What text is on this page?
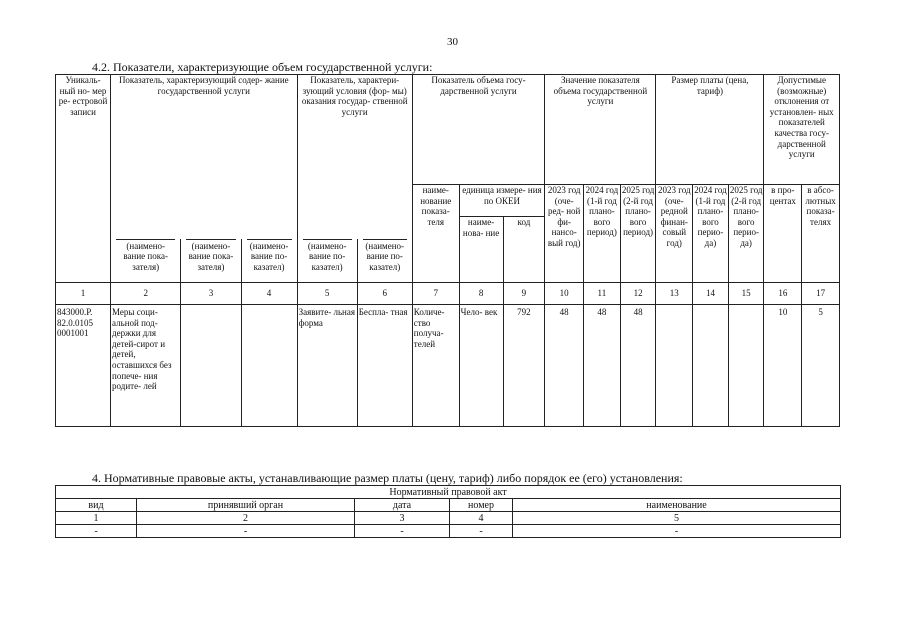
30
4.2. Показатели, характеризующие объем государственной услуги:
Уникаль- ный но- мер ре- естровой записи	Показатель, характеризующий содер- жание государственной услуги			Показатель, характери- зующий условия (фор- мы) оказания государ- ственной услуги		Показатель объема госу- дарственной услуги			Значение показателя объема государственной услуги			Размер платы (цена, тариф)			Допустимые (возможные) отклонения от установлен- ных показателей качества госу- дарственной услуги	
						наиме- нование показа- теля	единица измере- ния по ОКЕИ		2023 год (оче- ред- ной фи- нансо- вый год)	2024 год (1-й год плано- вого период)	2025 год (2-й год плано- вого период)	2023 год (оче- редной финан- совый год)	2024 год (1-й год плано- вого перио- да)	2025 год (2-й год плано- вого перио- да)	в про- центах	в абсо- лютных показа- телях
							наиме- нова- ние	код								

	(наимено- вание пока- зателя)	(наимено- вание пока- зателя)	(наимено- вание по- казател)	(наимено- вание по- казател)	(наимено- вание по- казател)											

1	2	3	4	5	6	7	8	9	10	11	12	13	14	15	16	17
843000.Р. 82.0.0105 0001001	Меры соци- альной под- держки для детей-сирот и детей, оставшихся без попече- ния родите- лей			Заявите- льная форма	Беспла- тная	Количе- ство получа- телей	Чело- век	792	48	48	48				10	5
4. Нормативные правовые акты, устанавливающие размер платы (цену, тариф) либо порядок ее (его) установления:
Нормативный правовой акт				
вид	принявший орган	дата	номер	наименование
1	2	3	4	5
-	-	-	-	-
